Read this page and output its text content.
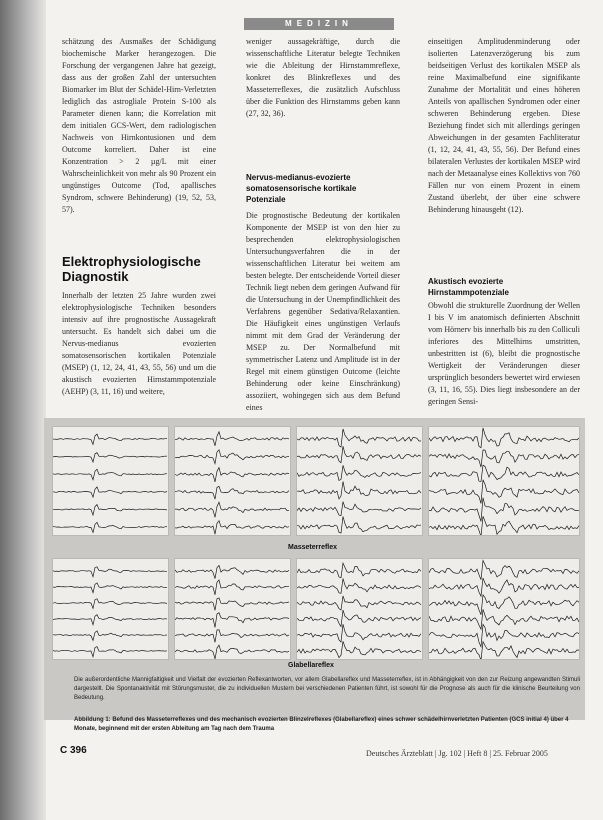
MEDIZIN

schätzung des Ausmaßes der Schädigung biochemische Marker herangezogen. Die Forschung der vergangenen Jahre hat gezeigt, dass aus der großen Zahl der untersuchten Biomarker im Blut der Schädel-Hirn-Verletzten lediglich das astrogliale Protein S-100 als Parameter dienen kann; die Korrelation mit dem initialen GCS-Wert, dem radiologischen Nachweis von Hirnkontusionen und dem Outcome korreliert. Daher ist eine Konzentration > 2 µg/L mit einer Wahrscheinlichkeit von mehr als 90 Prozent ein ungünstiges Outcome (Tod, apallisches Syndrom, schwere Behinderung) (19, 52, 53, 57).

Elektrophysiologische Diagnostik

Innerhalb der letzten 25 Jahre wurden zwei elektrophysiologische Techniken besonders intensiv auf ihre prognostische Aussagekraft untersucht. Es handelt sich dabei um die Nervus-medianus evozierten somatosensorischen kortikalen Potenziale (MSEP) (1, 12, 24, 41, 43, 55, 56) und um die akustisch evozierten Hirnstammpotenziale (AEHP) (3, 11, 16) und weitere,

weniger aussagekräftige, durch die wissenschaftliche Literatur belegte Techniken wie die Ableitung der Hirnstammreflexe, konkret des Blinkreflexes und des Masseterreflexes, die zusätzlich Aufschluss über die Funktion des Hirnstamms geben kann (27, 32, 36).

Nervus-medianus-evozierte somatosensorische kortikale Potenziale

Die prognostische Bedeutung der kortikalen Komponente der MSEP ist von den hier zu besprechenden elektrophysiologischen Untersuchungsverfahren die in der wissenschaftlichen Literatur bei weitem am besten belegte. Der entscheidende Vorteil dieser Technik liegt neben dem geringen Aufwand für die Untersuchung in der Unempfindlichkeit des Verfahrens gegenüber Sedativa/Relaxantien. Die Häufigkeit eines ungünstigen Verlaufs nimmt mit dem Grad der Veränderung der MSEP zu. Der Normalbefund mit symmetrischer Latenz und Amplitude ist in der Regel mit einem günstigen Outcome (leichte Behinderung oder keine Einschränkung) assoziiert, wohingegen sich aus dem Befund eines

einseitigen Amplitudenminderung oder isolierten Latenzverzögerung bis zum beidseitigen Verlust des kortikalen MSEP als reine Maximalbefund eine signifikante Zunahme der Mortalität und eines höheren Anteils von apallischen Syndromen oder einer schweren Behinderung ergeben. Diese Beziehung findet sich mit allerdings geringen Abweichungen in der gesamten Fachliteratur (1, 12, 24, 41, 43, 55, 56). Der Befund eines bilateralen Verlustes der kortikalen MSEP wird nach der Metaanalyse eines Kollektivs von 760 Fällen nur von einem Prozent in einem Zustand überlebt, der über eine schwere Behinderung hinausgeht (12).

Akustisch evozierte Hirnstammpotenziale

Obwohl die strukturelle Zuordnung der Wellen I bis V im anatomisch definierten Abschnitt vom Hörnerv bis innerhalb bis zu den Colliculi inferiores des Mittelhirns umstritten, unbestritten ist (6), bleibt die prognostische Wertigkeit der Veränderungen dieser ursprünglich besonders bewertet wird erwiesen (3, 11, 16, 55). Dies liegt insbesondere an der geringen Sensi-

Masseterreflex
Glabellareflex
Die außerordentliche Mannigfaltigkeit und Vielfalt der evozierten Reflexantworten, vor allem Glabellareflex und Masseterreflex, ist in Abhängigkeit von den zur Reizung angewandten Stimuli dargestellt. Die Spontanaktivität mit Störungsmuster, die zu individuellen Mustern bei verschiedenen Patienten führt, ist sowohl für die Prognose als auch für die klinische Beurteilung von Bedeutung.
Abbildung 1: Befund des Masseterreflexes und des mechanisch evozierten Blinzelreflexes (Glabellareflex) eines schwer schädelhirnverletzten Patienten (GCS initial 4) über 4 Monate, beginnend mit der ersten Ableitung am Tag nach dem Trauma
C 396	Deutsches Ärzteblatt | Jg. 102 | Heft 8 | 25. Februar 2005
